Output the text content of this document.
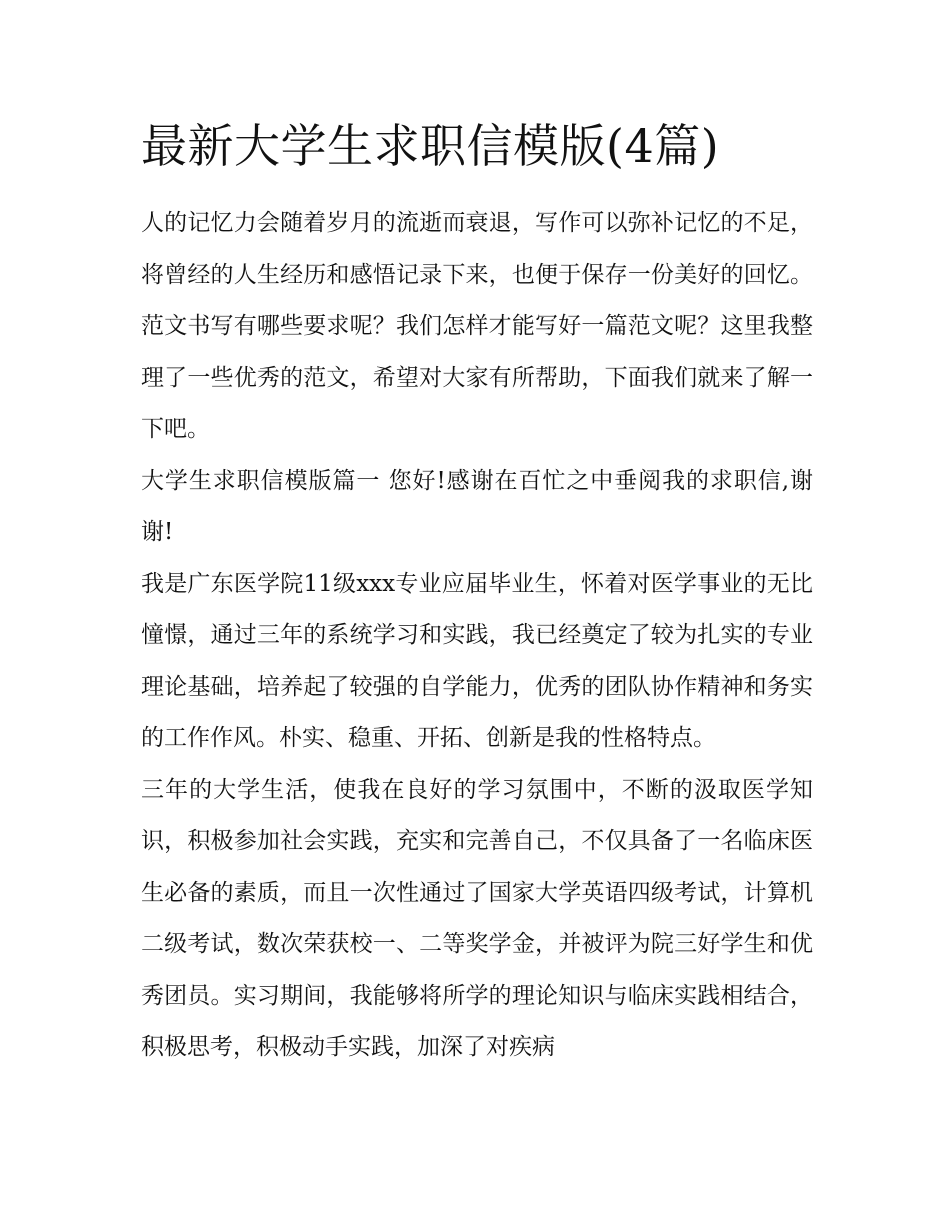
最新大学生求职信模版(4篇)

人的记忆力会随着岁月的流逝而衰退，写作可以弥补记忆的不足，将曾经的人生经历和感悟记录下来，也便于保存一份美好的回忆。范文书写有哪些要求呢？我们怎样才能写好一篇范文呢？这里我整理了一些优秀的范文，希望对大家有所帮助，下面我们就来了解一下吧。

大学生求职信模版篇一 您好!感谢在百忙之中垂阅我的求职信,谢谢!

我是广东医学院11级xxx专业应届毕业生，怀着对医学事业的无比憧憬，通过三年的系统学习和实践，我已经奠定了较为扎实的专业理论基础，培养起了较强的自学能力，优秀的团队协作精神和务实的工作作风。朴实、稳重、开拓、创新是我的性格特点。

三年的大学生活，使我在良好的学习氛围中，不断的汲取医学知识，积极参加社会实践，充实和完善自己，不仅具备了一名临床医生必备的素质，而且一次性通过了国家大学英语四级考试，计算机二级考试，数次荣获校一、二等奖学金，并被评为院三好学生和优秀团员。实习期间，我能够将所学的理论知识与临床实践相结合，积极思考，积极动手实践，加深了对疾病
